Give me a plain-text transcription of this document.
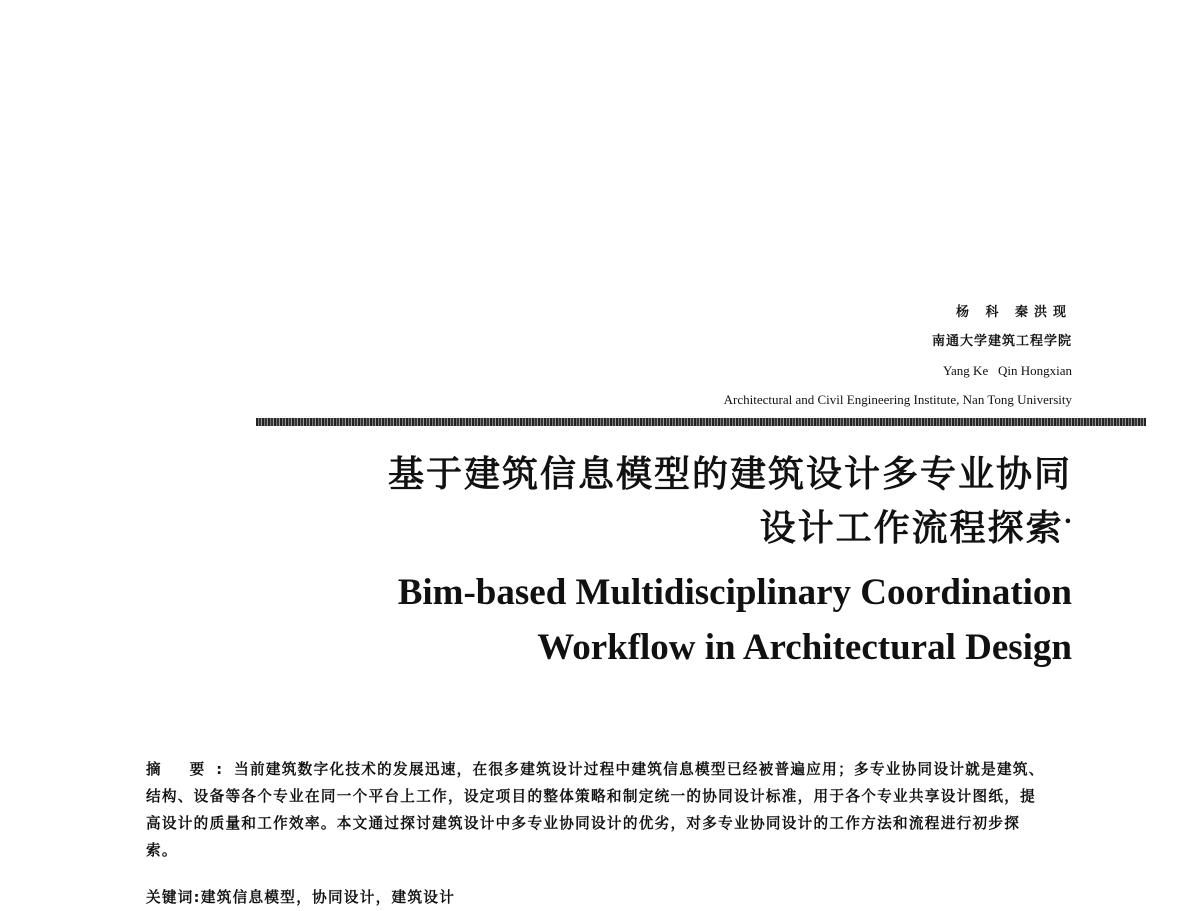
杨 科 秦洪现
南通大学建筑工程学院
Yang Ke   Qin Hongxian
Architectural and Civil Engineering Institute, Nan Tong University
基于建筑信息模型的建筑设计多专业协同
设计工作流程探索•
Bim-based Multidisciplinary Coordination
Workflow in Architectural Design
摘 要:当前建筑数字化技术的发展迅速，在很多建筑设计过程中建筑信息模型已经被普遍应用；多专业协同设计就是建筑、结构、设备等各个专业在同一个平台上工作，设定项目的整体策略和制定统一的协同设计标准，用于各个专业共享设计图纸，提高设计的质量和工作效率。本文通过探讨建筑设计中多专业协同设计的优劣，对多专业协同设计的工作方法和流程进行初步探索。
关键词:建筑信息模型，协同设计，建筑设计
